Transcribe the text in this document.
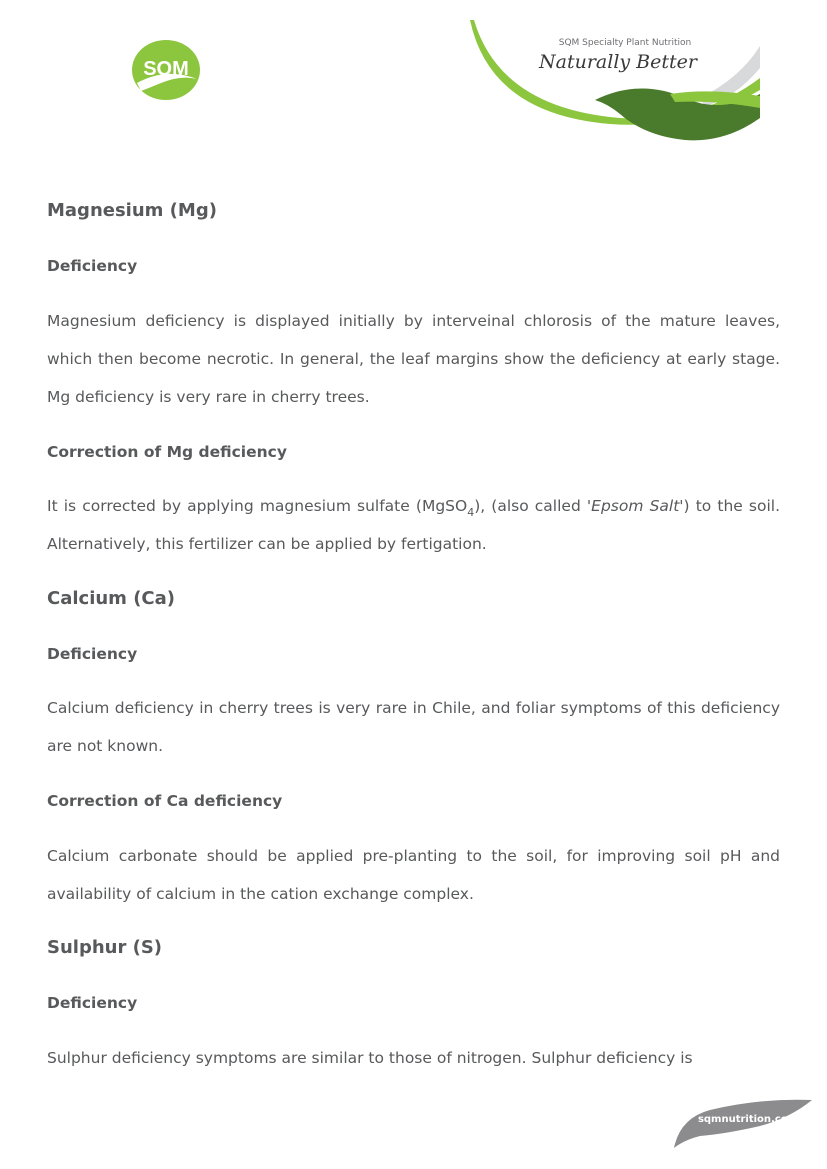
SQM
SQM Specialty Plant Nutrition
Naturally Better
Magnesium (Mg)
Deficiency

Magnesium deficiency is displayed initially by interveinal chlorosis of the mature leaves, which then become necrotic. In general, the leaf margins show the deficiency at early stage. Mg deficiency is very rare in cherry trees.

Correction of Mg deficiency

It is corrected by applying magnesium sulfate (MgSO$_4$), (also called 'Epsom Salt') to the soil. Alternatively, this fertilizer can be applied by fertigation.

Calcium (Ca)
Deficiency

Calcium deficiency in cherry trees is very rare in Chile, and foliar symptoms of this deficiency are not known.

Correction of Ca deficiency

Calcium carbonate should be applied pre-planting to the soil, for improving soil pH and availability of calcium in the cation exchange complex.

Sulphur (S)
Deficiency

Sulphur deficiency symptoms are similar to those of nitrogen. Sulphur deficiency is

sqmnutrition.com
